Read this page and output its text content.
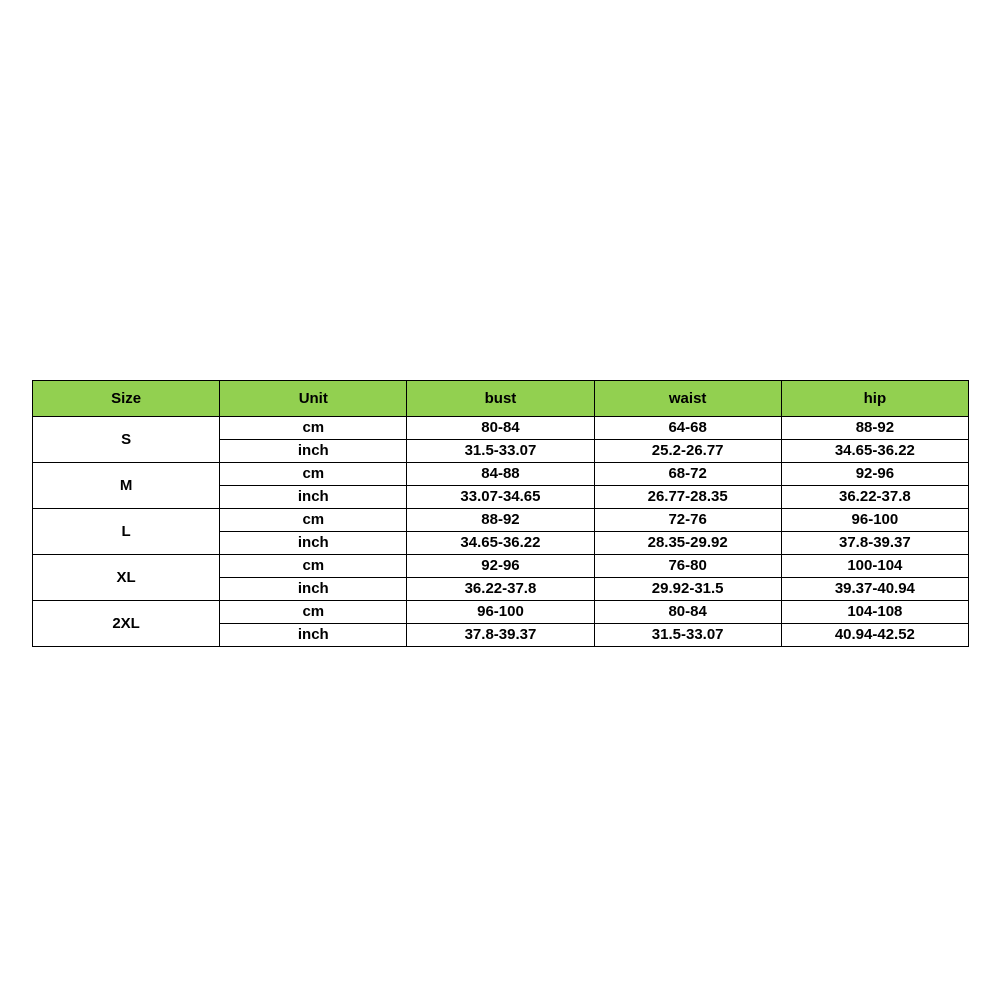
Size	Unit	bust	waist	hip
S	cm	80-84	64-68	88-92
	inch	31.5-33.07	25.2-26.77	34.65-36.22
M	cm	84-88	68-72	92-96
	inch	33.07-34.65	26.77-28.35	36.22-37.8
L	cm	88-92	72-76	96-100
	inch	34.65-36.22	28.35-29.92	37.8-39.37
XL	cm	92-96	76-80	100-104
	inch	36.22-37.8	29.92-31.5	39.37-40.94
2XL	cm	96-100	80-84	104-108
	inch	37.8-39.37	31.5-33.07	40.94-42.52
